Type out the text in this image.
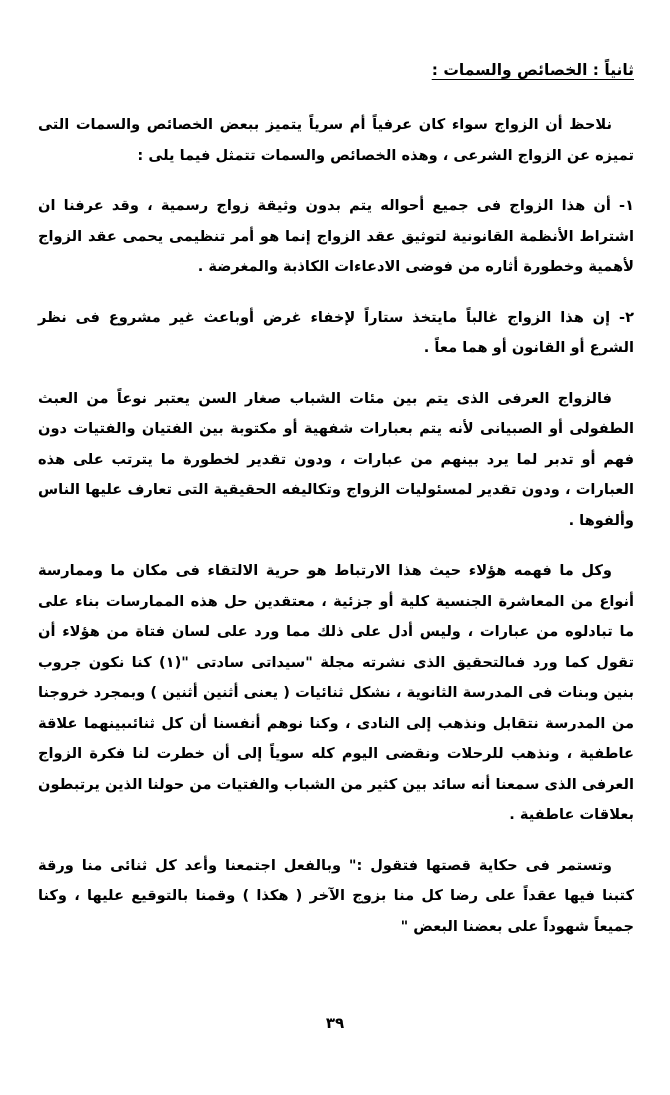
ثانياً : الخصائص والسمات :

نلاحظ أن الزواج سواء كان عرفياً أم سرياً يتميز ببعض الخصائص والسمات التى تميزه عن الزواج الشرعى ، وهذه الخصائص والسمات تتمثل فيما يلى :

١- أن هذا الزواج فى جميع أحواله يتم بدون وثيقة زواج رسمية ، وقد عرفنا ان اشتراط الأنظمة القانونية لتوثيق عقد الزواج إنما هو أمر تنظيمى يحمى عقد الزواج لأهمية وخطورة أثاره من فوضى الادعاءات الكاذبة والمغرضة .

٢- إن هذا الزواج غالباً مايتخذ ستاراً لإخفاء غرض أوباعث غير مشروع فى نظر الشرع أو القانون أو هما معاً .

فالزواج العرفى الذى يتم بين مئات الشباب صغار السن يعتبر نوعاً من العبث الطفولى أو الصبيانى لأنه يتم بعبارات شفهية أو مكتوبة بين الفتيان والفتيات دون فهم أو تدبر لما يرد بينهم من عبارات ، ودون تقدير لخطورة ما يترتب على هذه العبارات ، ودون تقدير لمسئوليات الزواج وتكاليفه الحقيقية التى تعارف عليها الناس وألفوها .

وكل ما فهمه هؤلاء حيث هذا الارتباط هو حرية الالتقاء فى مكان ما وممارسة أنواع من المعاشرة الجنسية كلية أو جزئية ، معتقدين حل هذه الممارسات بناء على ما تبادلوه من عبارات ، وليس أدل على ذلك مما ورد على لسان فتاة من هؤلاء أن تقول كما ورد فىالتحقيق الذى نشرته مجلة "سيداتى سادتى "(١) كنا نكون جروب بنين وبنات فى المدرسة الثانوية ، نشكل ثنائيات ( يعنى أثنين أثنين ) وبمجرد خروجنا من المدرسة نتقابل ونذهب إلى النادى ، وكنا نوهم أنفسنا أن كل ثنائىبينهما علاقة عاطفية ، ونذهب للرحلات ونقضى اليوم كله سوياً إلى أن خطرت لنا فكرة الزواج العرفى الذى سمعنا أنه سائد بين كثير من الشباب والفتيات من حولنا الذين يرتبطون بعلاقات عاطفية .

وتستمر فى حكاية قصتها فتقول :" وبالفعل اجتمعنا وأعد كل ثنائى منا ورقة كتبنا فيها عقداً على رضا كل منا بزوج الآخر ( هكذا ) وقمنا بالتوقيع عليها ، وكنا جميعاً شهوداً على بعضنا البعض "

٣٩
